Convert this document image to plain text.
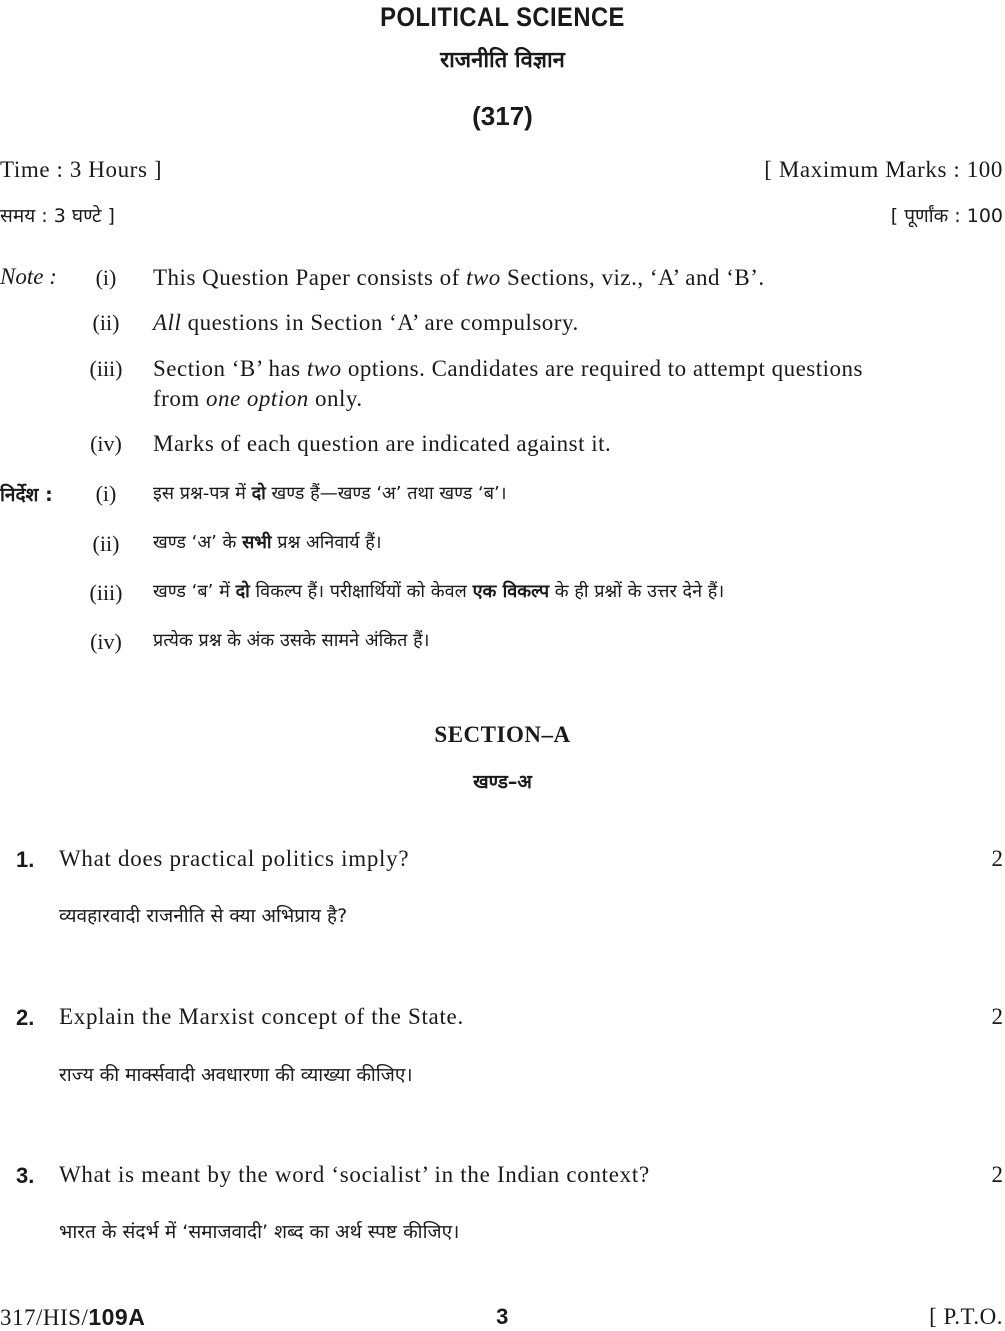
POLITICAL SCIENCE
राजनीति विज्ञान
(317)
Time : 3 Hours ]	[ Maximum Marks : 100
समय : 3 घण्टे ]	[ पूर्णांक : 100
Note :	(i)	This Question Paper consists of two Sections, viz., ‘A’ and ‘B’.
(ii)	All questions in Section ‘A’ are compulsory.
(iii)	Section ‘B’ has two options. Candidates are required to attempt questions
from one option only.
(iv)	Marks of each question are indicated against it.
निर्देश :	(i)	इस प्रश्न-पत्र में दो खण्ड हैं—खण्ड ‘अ’ तथा खण्ड ‘ब’।
(ii)	खण्ड ‘अ’ के सभी प्रश्न अनिवार्य हैं।
(iii)	खण्ड ‘ब’ में दो विकल्प हैं। परीक्षार्थियों को केवल एक विकल्प के ही प्रश्नों के उत्तर देने हैं।
(iv)	प्रत्येक प्रश्न के अंक उसके सामने अंकित हैं।
SECTION–A
खण्ड–अ
1. What does practical politics imply?	2
व्यवहारवादी राजनीति से क्या अभिप्राय है?
2. Explain the Marxist concept of the State.	2
राज्य की मार्क्सवादी अवधारणा की व्याख्या कीजिए।
3. What is meant by the word ‘socialist’ in the Indian context?	2
भारत के संदर्भ में ‘समाजवादी’ शब्द का अर्थ स्पष्ट कीजिए।
317/HIS/109A	3	[ P.T.O.
